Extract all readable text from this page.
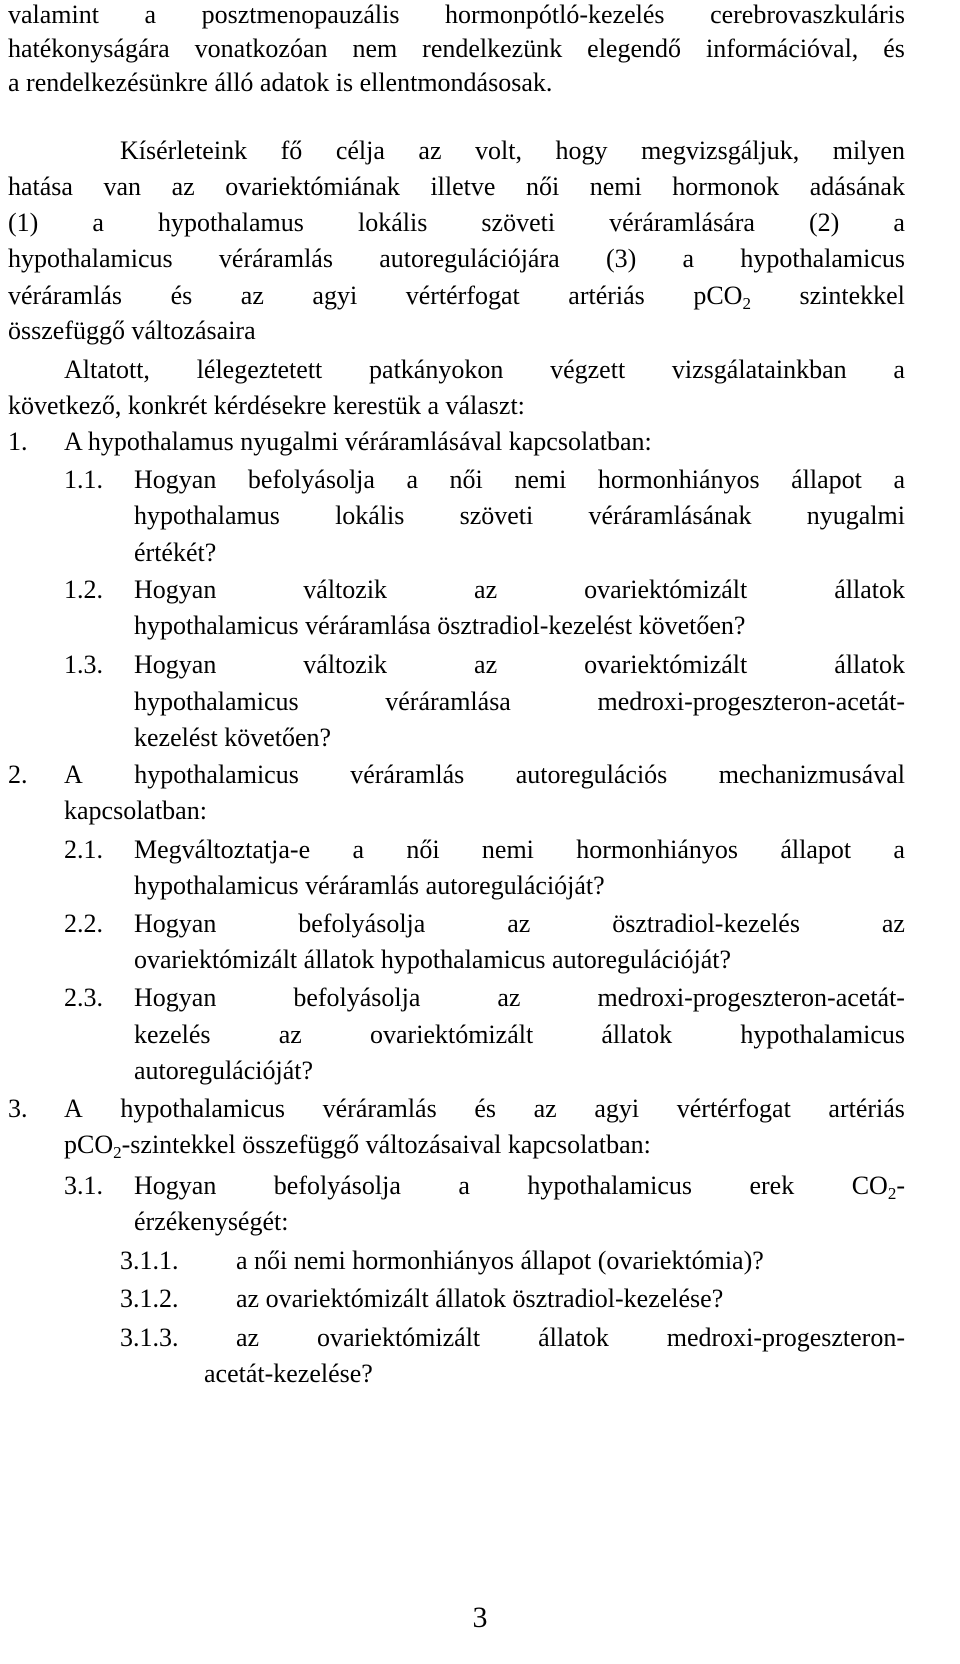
valamint a posztmenopauzális hormonpótló-kezelés cerebrovaszkuláris
hatékonyságára vonatkozóan nem rendelkezünk elegendő információval, és
a rendelkezésünkre álló adatok is ellentmondásosak.
Kísérleteink fő célja az volt, hogy megvizsgáljuk, milyen
hatása van az ovariektómiának illetve női nemi hormonok adásának
(1) a hypothalamus lokális szöveti véráramlására (2) a
hypothalamicus véráramlás autoregulációjára (3) a hypothalamicus
véráramlás és az agyi vértérfogat artériás pCO$_2$ szintekkel
összefüggő változásaira
Altatott, lélegeztetett patkányokon végzett vizsgálatainkban a
következő, konkrét kérdésekre kerestük a választ:
1. A hypothalamus nyugalmi véráramlásával kapcsolatban:
1.1.	Hogyan befolyásolja a női nemi hormonhiányos állapot a
hypothalamus lokális szöveti véráramlásának nyugalmi
értékét?
1.2.	Hogyan	változik	az	ovariektómizált	állatok
hypothalamicus véráramlása ösztradiol-kezelést követően?
1.3.	Hogyan	változik	az	ovariektómizált	állatok
hypothalamicus	véráramlása	medroxi-progeszteron-acetát-
kezelést követően?
2.	A hypothalamicus véráramlás autoregulációs mechanizmusával
kapcsolatban:
2.1.	Megváltoztatja-e a női nemi hormonhiányos állapot a
hypothalamicus véráramlás autoregulációját?
2.2.	Hogyan	befolyásolja	az	ösztradiol-kezelés	az
ovariektómizált állatok hypothalamicus autoregulációját?
2.3.	Hogyan	befolyásolja	az	medroxi-progeszteron-acetát-
kezelés	az	ovariektómizált	állatok	hypothalamicus
autoregulációját?
3.	A hypothalamicus véráramlás és az agyi vértérfogat artériás
pCO$_2$-szintekkel összefüggő változásaival kapcsolatban:
3.1.	Hogyan befolyásolja a hypothalamicus erek $CO_2-$
érzékenységét:
3.1.1.	a női nemi hormonhiányos állapot (ovariektómia)?
3.1.2.	az ovariektómizált állatok ösztradiol-kezelése?
3.1.3.	az ovariektómizált állatok medroxi-progeszteron-
acetát-kezelése?
3
